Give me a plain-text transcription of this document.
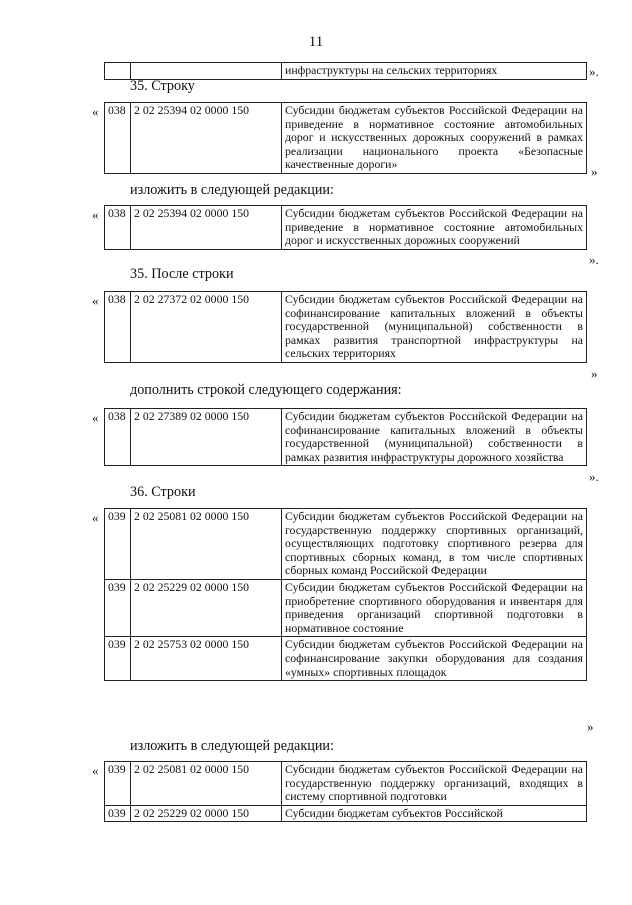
11
		инфраструктуры на сельских территориях	».
35. Строку
« 038	2 02 25394 02 0000 150	Субсидии бюджетам субъектов Российской Федерации на приведение в нормативное состояние автомобильных дорог и искусственных дорожных сооружений в рамках реализации национального проекта «Безопасные качественные дороги»	»
изложить в следующей редакции:
« 038	2 02 25394 02 0000 150	Субсидии бюджетам субъектов Российской Федерации на приведение в нормативное состояние автомобильных дорог и искусственных дорожных сооружений
».
35. После строки
« 038	2 02 27372 02 0000 150	Субсидии бюджетам субъектов Российской Федерации на софинансирование капитальных вложений в объекты государственной (муниципальной) собственности в рамках развития транспортной инфраструктуры на сельских территориях
»
дополнить строкой следующего содержания:
« 038	2 02 27389 02 0000 150	Субсидии бюджетам субъектов Российской Федерации на софинансирование капитальных вложений в объекты государственной (муниципальной) собственности в рамках развития инфраструктуры дорожного хозяйства
».
36. Строки
« 039	2 02 25081 02 0000 150	Субсидии бюджетам субъектов Российской Федерации на государственную поддержку спортивных организаций, осуществляющих подготовку спортивного резерва для спортивных сборных команд, в том числе спортивных сборных команд Российской Федерации
039	2 02 25229 02 0000 150	Субсидии бюджетам субъектов Российской Федерации на приобретение спортивного оборудования и инвентаря для приведения организаций спортивной подготовки в нормативное состояние
039	2 02 25753 02 0000 150	Субсидии бюджетам субъектов Российской Федерации на софинансирование закупки оборудования для создания «умных» спортивных площадок
»
изложить в следующей редакции:
« 039	2 02 25081 02 0000 150	Субсидии бюджетам субъектов Российской Федерации на государственную поддержку организаций, входящих в систему спортивной подготовки
039	2 02 25229 02 0000 150	Субсидии бюджетам субъектов Российской
